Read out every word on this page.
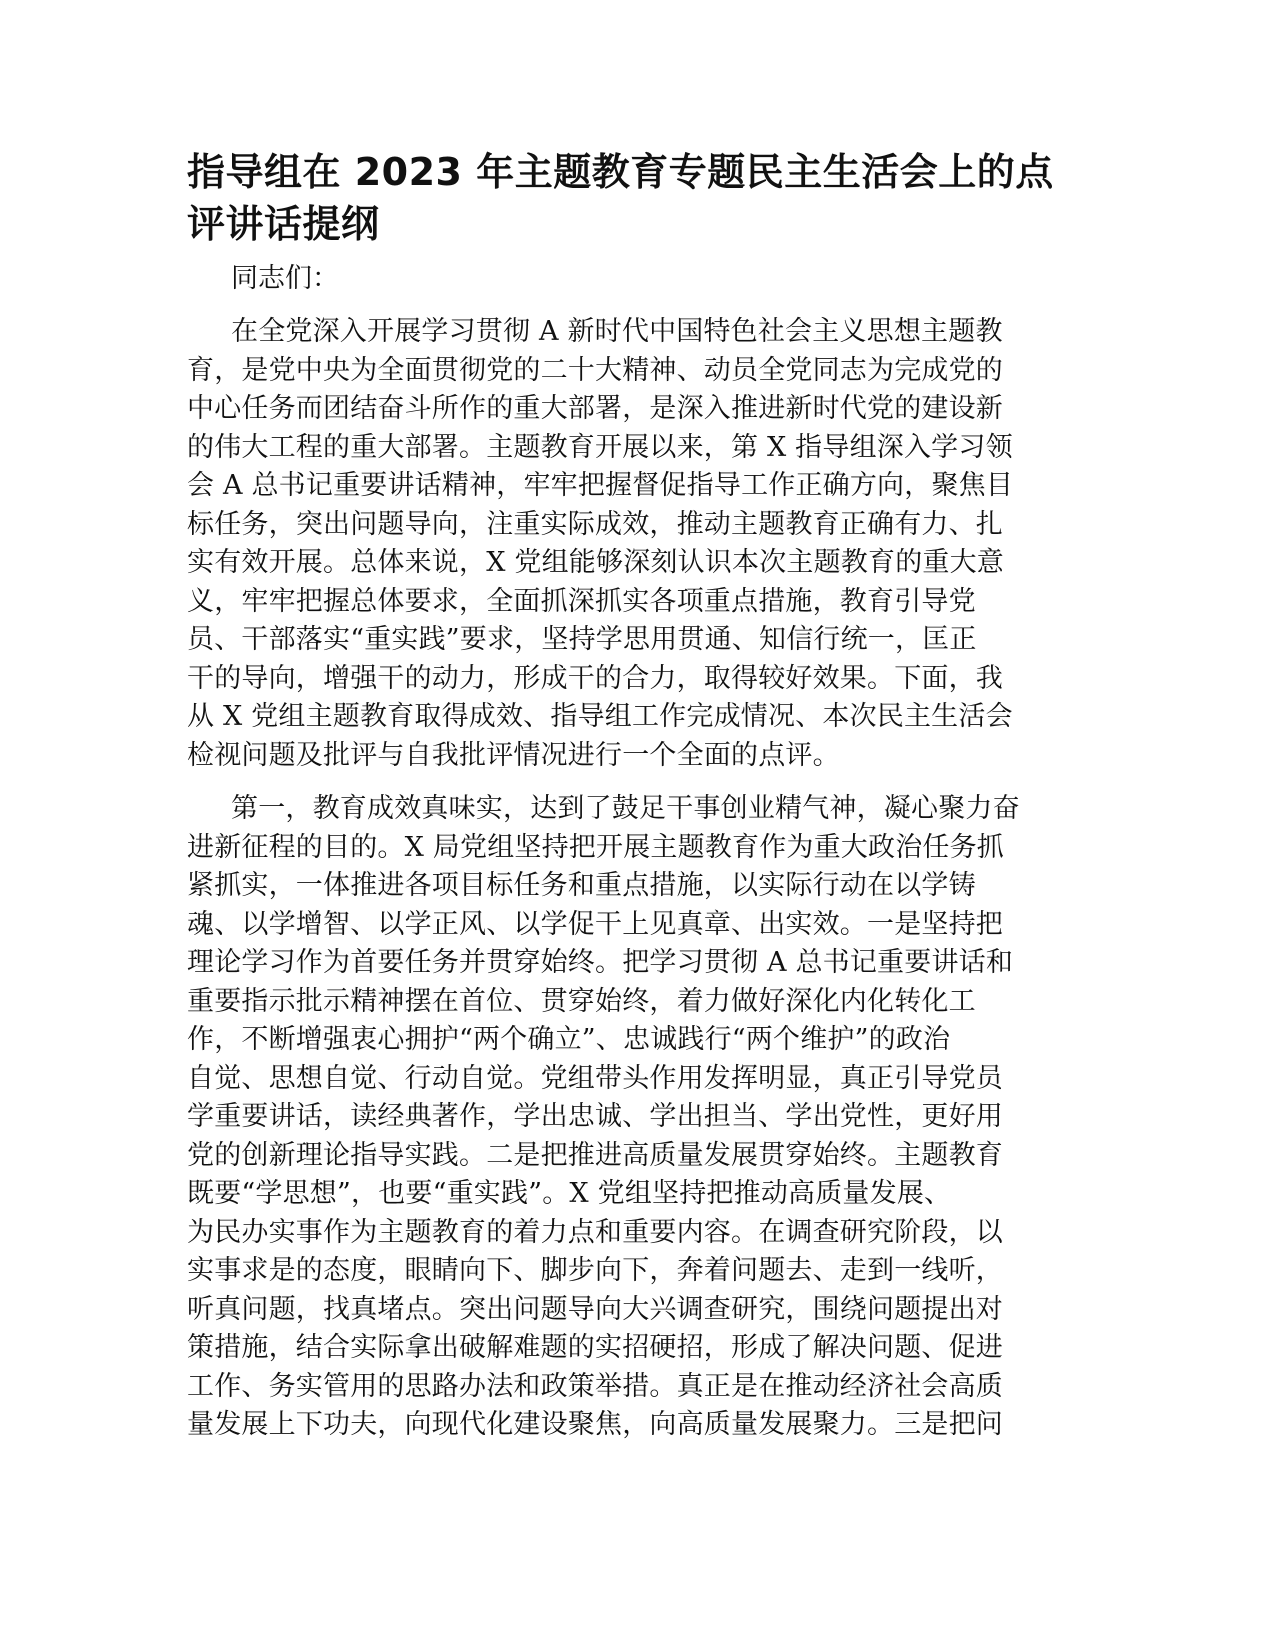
指导组在 2023 年主题教育专题民主生活会上的点
评讲话提纲

同志们：

在全党深入开展学习贯彻 A 新时代中国特色社会主义思想主题教
育，是党中央为全面贯彻党的二十大精神、动员全党同志为完成党的
中心任务而团结奋斗所作的重大部署，是深入推进新时代党的建设新
的伟大工程的重大部署。主题教育开展以来，第 X 指导组深入学习领
会 A 总书记重要讲话精神，牢牢把握督促指导工作正确方向，聚焦目
标任务，突出问题导向，注重实际成效，推动主题教育正确有力、扎
实有效开展。总体来说，X 党组能够深刻认识本次主题教育的重大意
义，牢牢把握总体要求，全面抓深抓实各项重点措施，教育引导党
员、干部落实“重实践”要求，坚持学思用贯通、知信行统一，匡正
干的导向，增强干的动力，形成干的合力，取得较好效果。下面，我
从 X 党组主题教育取得成效、指导组工作完成情况、本次民主生活会
检视问题及批评与自我批评情况进行一个全面的点评。
第一，教育成效真味实，达到了鼓足干事创业精气神，凝心聚力奋
进新征程的目的。X 局党组坚持把开展主题教育作为重大政治任务抓
紧抓实，一体推进各项目标任务和重点措施，以实际行动在以学铸
魂、以学增智、以学正风、以学促干上见真章、出实效。一是坚持把
理论学习作为首要任务并贯穿始终。把学习贯彻 A 总书记重要讲话和
重要指示批示精神摆在首位、贯穿始终，着力做好深化内化转化工
作，不断增强衷心拥护“两个确立”、忠诚践行“两个维护”的政治
自觉、思想自觉、行动自觉。党组带头作用发挥明显，真正引导党员
学重要讲话，读经典著作，学出忠诚、学出担当、学出党性，更好用
党的创新理论指导实践。二是把推进高质量发展贯穿始终。主题教育
既要“学思想”，也要“重实践”。X 党组坚持把推动高质量发展、
为民办实事作为主题教育的着力点和重要内容。在调查研究阶段，以
实事求是的态度，眼睛向下、脚步向下，奔着问题去、走到一线听，
听真问题，找真堵点。突出问题导向大兴调查研究，围绕问题提出对
策措施，结合实际拿出破解难题的实招硬招，形成了解决问题、促进
工作、务实管用的思路办法和政策举措。真正是在推动经济社会高质
量发展上下功夫，向现代化建设聚焦，向高质量发展聚力。三是把问
